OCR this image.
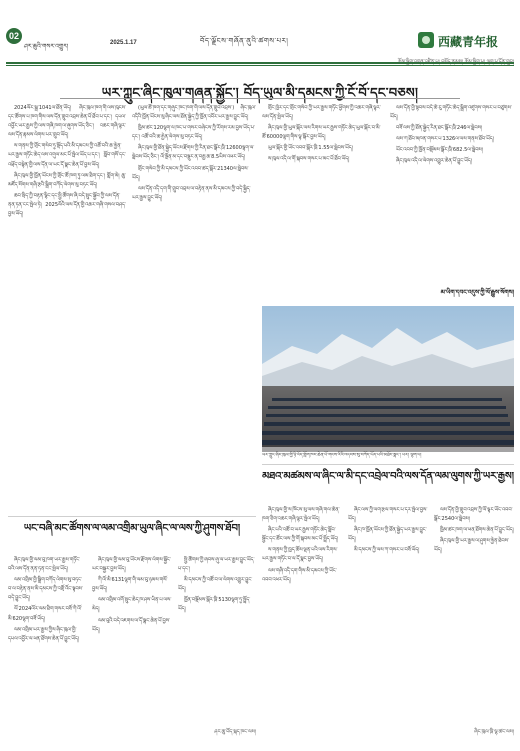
02
ཤར་ཆུའི་གསར་འགྱུར།	2025.1.17	བོད་ལྗོངས་གཞོན་ནུའི་ཚགས་པར།	西藏青年报
ཡར་ཀླུང་ཞིང་ཁུལ་གཞན་སྐྱོང་། བོད་ཡུལ་མི་དམངས་ཀྱི་ངོ་བོ་དང་བཅས།

2024ལོར་སྒྲ་1041ལ་ཐོན་ཡོད། ཞིང་ཁུལ་ཁག་གི་ལས་ཁུངས་དང་ཚོགས་པ་ཁག་གིས་ལས་དོན་གྲུབ་འབྲས་ཆེན་པོ་ཐོབ་པ་དང་། དཔལ་འབྱོར་ཡར་རྒྱས་ཀྱི་ལས་གཞི་ཁག་ལ་ཞུགས་ཡོད་ཅིང་། འཆར་གཞི་ལྟར་ལས་དོན་རྣམས་ལེགས་པར་གྲུབ་ཡོད།

ས་གནས་ཀྱི་གྲོང་གསེབ་ཏུ་སྡོད་པའི་མི་དམངས་ཀྱི་འཚོ་བའི་ཆ་རྐྱེན་ཡར་རྒྱས་གཏོང་ཆེད་ལས་འགུལ་མང་པོ་སྤེལ་ཡོད་པ་དང་། སློབ་གསོ་དང་འཕྲོད་བསྟེན་གྱི་ལས་དོན་ལ་ཡང་དོ་སྣང་ཆེན་པོ་བྱས་ཡོད།

ཞིང་ཁུལ་གྱི་ཁྱོན་ཡོངས་ཀྱི་གྲོང་ཚོ་ཁག་ཏུ་ལམ་ཐིག་དང་། གློག་མེ། ཆུ་མཛོད་སོགས་གཞི་རྩའི་སྒྲིག་བཀོད་ལེགས་སུ་བཏང་ཡོད།

ཆབ་སྲིད་ཀྱི་བརྟན་ལྷིང་དང་སྤྱི་ཚོགས་ཞི་བདེ་སྲུང་སྐྱོབ་ཀྱི་ལས་དོན་ནན་ཏན་ངང་སྤེལ་ཏེ། 2025ལོའི་ལས་དོན་གྱི་འཆར་གཞི་གསལ་བཤད་བྱས་ཡོད།

(ཡུལ་ཚོ་ཁག་དང་གཞུང་ཁང་ཁག་གི་ལས་དོན་གྲུབ་འབྲས་) ཞིང་ཁུལ་འདིའི་ཁྱོན་ཡོངས་སུ་ཞིང་ལས་ཐོན་སྐྱེད་ཀྱི་ཁྱོན་འབོར་ཡར་རྒྱས་བྱུང་ཡོད།

ཁྱིམ་ཚང་120ལྷག་ལ་ཁང་པ་གསར་བཞེངས་ཀྱི་རོགས་རམ་བྱས་ཡོད་པ་དང་། འཚོ་བའི་ཆ་རྐྱེན་ལེགས་སུ་བཏང་ཡོད།

ཞིང་ཁུལ་གྱི་ཐོན་སྐྱེད་ཡོངས་རྫོགས་ཀྱི་རིན་ཐང་སྒོར་ཁྲི་12600ལྷག་ལ་སླེབས་ཡོད་ཅིང་། ལོ་སྔོན་མ་དང་བསྡུར་ན་བརྒྱ་ཆ་8.5ཡིས་འཕར་ཡོད།

གྲོང་གསེབ་ཀྱི་མི་དམངས་ཀྱི་ཡོང་འབབ་ཚད་སྒོར་21340ལ་སླེབས་ཡོད།

ལས་དོན་འདི་དག་གི་གྲུབ་འབྲས་ལ་བརྟེན་ནས་མི་དམངས་ཀྱི་བདེ་སྐྱིད་ཡར་རྒྱས་བྱུང་ཡོད།

གྲོང་ཁྱེར་དང་གྲོང་གསེབ་ཀྱི་ཡར་རྒྱས་གཏོང་ཕྱོགས་ཀྱི་འཆར་གཞི་ལྟར་ལས་དོན་སྤེལ་ཡོད།

ཞིང་ཁུལ་གྱི་ཡུལ་སྐོར་ལས་རིགས་ཡར་རྒྱས་གཏོང་ཆེད་ཡུལ་སྐོར་བ་མི་ཚོ་60000ལྷག་གིས་ལྟ་སྐོར་བྱས་ཡོད།

ཡུལ་སྐོར་གྱི་ཡོང་འབབ་སྒོར་ཁྲི་1.55ལ་སླེབས་ཡོད།

ས་ཁུལ་འདི་ལ་གོ་སྐབས་གསར་པ་མང་པོ་ཐོབ་ཡོད།

ལས་དོན་གྱི་སྟབས་བདེ་ཆེ་རུ་གཏོང་ཆེད་སྒྲིག་འཛུགས་གསར་པ་བཙུགས་ཡོད།

བཟོ་ལས་ཀྱི་ཐོན་སྐྱེད་རིན་ཐང་སྒོར་ཁྲི་246ལ་སླེབས།

ལས་ཀ་ཐོབ་མཁན་གསར་པ་1326ལ་ལས་གནས་ཐོབ་ཡོད།

ཡོང་འབབ་ཀྱི་ཁྱོན་བསྡོམས་སྒོར་ཁྲི་682.5ལ་སླེབས།

ཞིང་ཁུལ་འདི་ལ་ལེགས་འགྱུར་ཆེན་པོ་བྱུང་ཡོད།

མ་ཡིག་དབང་འདུས་ཀྱི་ལོ་རྒྱུས་སོགས།
ཡར་ཀླུང་ཞིང་ཁུལ་གྱི་ཉི་འོད་གློག་ཁང་ཆེན་པོ་གངས་རིའི་འདབས་སུ་བཀོད་ཡོད་པའི་མཐོང་སྣང་། པར། ལྷག་པ།
ཡང་བཞི་མང་ཚོགས་ལ་ལམ་འགྲིམ་ཡུལ་ཞིང་ལ་ལས་ཀྱི་ཤུགས་ཐོབ།

ཞིང་ཁུལ་གྱི་ལམ་བུ་ཁག་ཡར་རྒྱས་གཏོང་བའི་ལས་དོན་ནན་ཏན་ངང་སྤེལ་ཡོད།

ལམ་འགྲིམ་གྱི་སྒྲིག་བཀོད་ལེགས་སུ་བཏང་བ་ལ་བརྟེན་ནས་མི་དམངས་ཀྱི་འགྲོ་འོང་སྟབས་བདེ་བྱུང་ཡོད།

ལོ་2024ལོར་ལམ་ཐིག་གསར་བཟོ་ཀི་ལོ་མི་620ལྷག་བཟོ་ཡོད།

ལམ་འགྲིམ་ཡར་རྒྱས་ཀྱིས་ཞིང་ཁུལ་གྱི་དཔལ་འབྱོར་ལ་ཕན་ཐོགས་ཆེན་པོ་བྱུང་ཡོད།

ཞིང་ཁུལ་གྱི་ལམ་བུ་ཡོངས་རྫོགས་ལེགས་སྐྱོང་ཡང་བསྐྱར་བྱས་ཡོད།

ཀི་ལོ་མི་6131ལྷག་གི་ལམ་བུ་ཉམས་གསོ་བྱས་ཡོད།

ལམ་འགྲིམ་འགོ་སྲུང་ཆེད་ཁ་ཤས་ཡིན་པ་ལས་མེད།

ལམ་བུའི་བདེ་འཇགས་ལ་དོ་སྣང་ཆེན་པོ་བྱས་ཡོད།

སྤྱི་ཚོགས་ཀྱི་ཞབས་ཞུ་ལ་ཡར་རྒྱས་བྱུང་ཡོད་པ་དང་།

མི་དམངས་ཀྱི་འཚོ་བ་ལ་ལེགས་འགྱུར་བྱུང་ཡོད།

ཁྱོན་བསྡོམས་སྒོར་ཁྲི་5130ལྷག་ཏུ་སྤྲོད་ཡོད།

ཤར་ཆུ་བོད་སྐད་ཁང་ལས།
མཐའ་མཚམས་ལ་ཞིང་ལ་མི་དང་འབྲེལ་བའི་ལས་དོན་ལམ་ལུགས་ཀྱི་ཡར་རྒྱས།

ཞིང་ཁུལ་གྱི་ས་ཁོངས་སུ་ལས་གཞི་གལ་ཆེན་ཁག་ཅིག་འཆར་གཞི་ལྟར་སྤེལ་ཡོད།

ཞིང་པའི་འཚོ་བ་ཡར་རྒྱས་གཏོང་ཆེད་སློབ་སྦྱོང་དང་ཚོང་ལས་ཀྱི་གོ་སྐབས་མང་པོ་སྤྲོད་ཡོད།

ས་གནས་ཀྱི་ཁྱད་ཆོས་ལྡན་པའི་ལས་རིགས་ཡར་རྒྱས་གཏོང་བ་ལ་དོ་སྣང་བྱས་ཡོད།

ལས་གཞི་འདི་དག་གིས་མི་དམངས་ཀྱི་ཡོང་འབབ་འཕར་ཡོད།

ཞིང་ལས་ཀྱི་ལག་རྩལ་གསར་པ་དར་སྤེལ་བྱས་ཡོད།

ཞིང་ཁ་ཁྱོན་ཡོངས་ཀྱི་ཐོན་སྐྱེད་ཡར་རྒྱས་བྱུང་ཡོད།

མི་དམངས་ཀྱི་ལས་ཀ་གསར་པ་བཟོ་ཡོད།

ལས་དོན་གྱི་གྲུབ་འབྲས་ཀྱི་ལོ་ལྟར་ཡོང་འབབ་སྒོར་2540ལ་སླེབས།

ཁྱིམ་ཚང་ཁག་ལ་ཕན་ཐོགས་ཆེན་པོ་བྱུང་ཡོད།

ཞིང་ཁུལ་གྱི་ཡར་རྒྱས་ལ་ཤུགས་རྐྱེན་ཐེབས་ཡོད།

ཞིང་ཁུལ་ཁྲི་ལྷ་ཚང་ལས།
